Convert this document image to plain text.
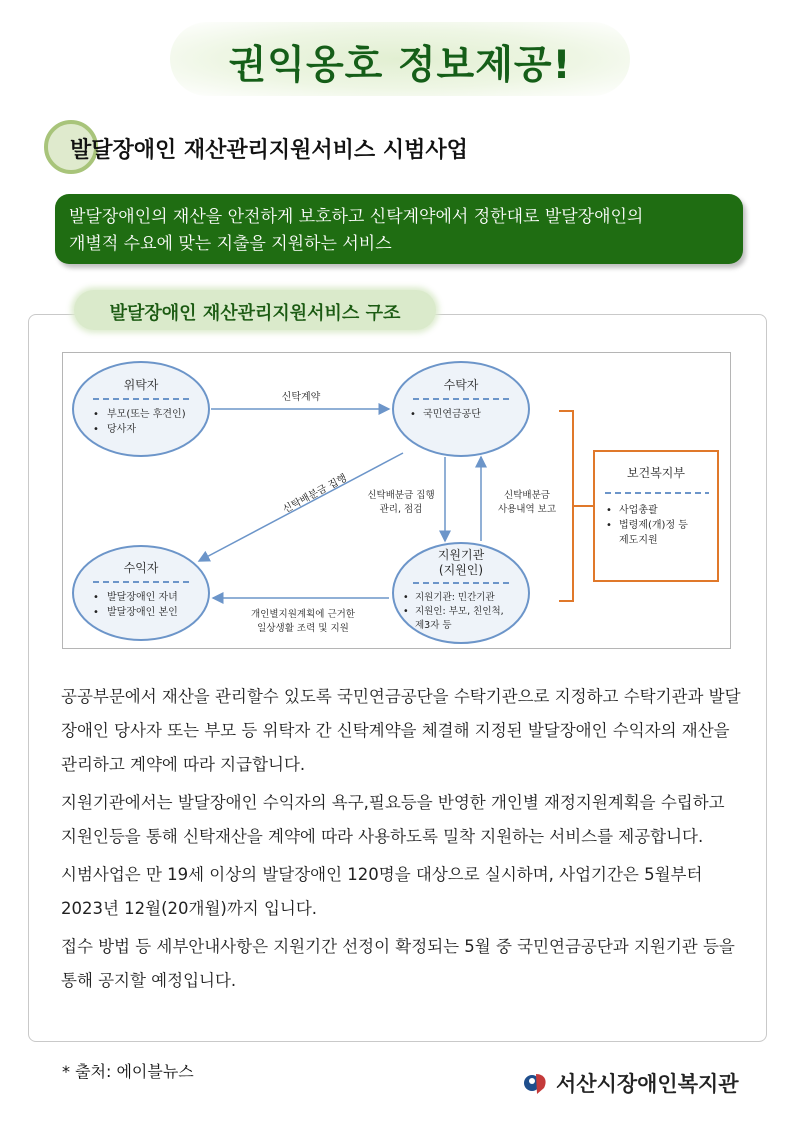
권익옹호 정보제공!
발달장애인 재산관리지원서비스 시범사업
발달장애인의 재산을 안전하게 보호하고 신탁계약에서 정한대로 발달장애인의
개별적 수요에 맞는 지출을 지원하는 서비스
발달장애인 재산관리지원서비스 구조
위탁자
• 부모(또는 후견인)
• 당사자
수탁자
• 국민연금공단
수익자
• 발달장애인 자녀
• 발달장애인 본인
지원기관
(지원인)
• 지원기관: 민간기관
• 지원인: 부모, 친인척,
제3자 등
보건복지부
• 사업총괄
• 법령제(개)정 등
제도지원
신탁계약
신탁배분금 집행 신탁배분금 집행
관리, 점검
신탁배분금
사용내역 보고
개인별지원계획에 근거한
일상생활 조력 및 지원

공공부문에서 재산을 관리할수 있도록 국민연금공단을 수탁기관으로 지정하고 수탁기관과 발달장애인 당사자 또는 부모 등 위탁자 간 신탁계약을 체결해 지정된 발달장애인 수익자의 재산을 관리하고 계약에 따라 지급합니다.

지원기관에서는 발달장애인 수익자의 욕구,필요등을 반영한 개인별 재정지원계획을 수립하고 지원인등을 통해 신탁재산을 계약에 따라 사용하도록 밀착 지원하는 서비스를 제공합니다.

시범사업은 만 19세 이상의 발달장애인 120명을 대상으로 실시하며, 사업기간은 5월부터 2023년 12월(20개월)까지 입니다.

접수 방법 등 세부안내사항은 지원기간 선정이 확정되는 5월 중 국민연금공단과 지원기관 등을 통해 공지할 예정입니다.

* 출처: 에이블뉴스
서산시장애인복지관
